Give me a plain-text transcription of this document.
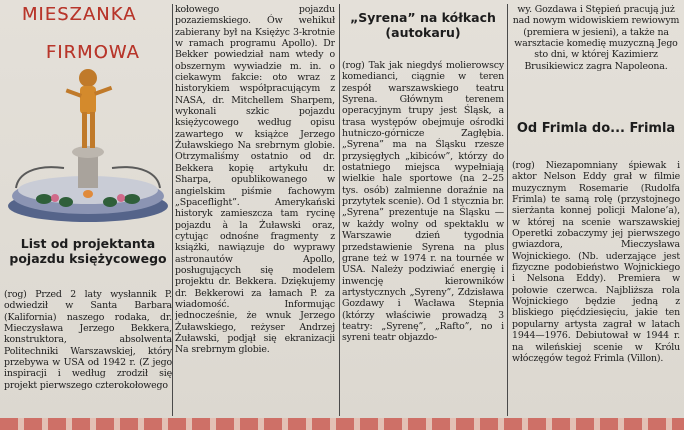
MIESZANKA
FIRMOWA
List od projektanta pojazdu księżycowego
(rog) Przed 2 laty wysłannik P. odwiedził w Santa Barbara (Kalifornia) naszego rodaka, dr. Mieczysława Jerzego Bekkera, konstruktora, absolwenta Politechniki Warszawskiej, który przebywa w USA od 1942 r. (Z jego inspiracji i według zrodził się projekt pierwszego czterokołowego
kołowego pojazdu pozaziemskiego. Ów wehikuł zabierany był na Księżyc 3-krotnie w ramach programu Apollo). Dr Bekker powiedział nam wtedy o obszernym wywiadzie m. in. o ciekawym fakcie: oto wraz z historykiem współpracującym z NASA, dr. Mitchellem Sharpem, wykonali szkic pojazdu księżycowego według opisu zawartego w książce Jerzego Żuławskiego Na srebrnym globie. Otrzymaliśmy ostatnio od dr. Bekkera kopię artykułu dr. Sharpa, opublikowanego w angielskim piśmie fachowym „Spaceflight”. Amerykański historyk zamieszcza tam rycinę pojazdu à la Żuławski oraz, cytując odnośne fragmenty z książki, nawiązuje do wyprawy astronautów Apollo, posługujących się modelem projektu dr. Bekkera. Dziękujemy dr. Bekkerowi za łamach P. za wiadomość. Informując jednocześnie, że wnuk Jerzego Żuławskiego, reżyser Andrzej Żuławski, podjął się ekranizacji Na srebrnym globie.
„Syrena” na kółkach (autokaru)
(rog) Tak jak niegdyś molierowscy komedianci, ciągnie w teren zespół warszawskiego teatru Syrena. Głównym terenem operacyjnym trupy jest Śląsk, a trasa występów obejmuje ośrodki hutniczo-górnicze Zagłębia. „Syrena” ma na Śląsku rzesze przysięgłych „kibiców”, którzy do ostatniego miejsca wypełniają wielkie hale sportowe (na 2–25 tys. osób) zalmienne doraźnie na przytytek scenie). Od 1 stycznia br. „Syrena” prezentuje na Śląsku — w każdy wolny od spektaklu w Warszawie dzień tygodnia przedstawienie Syrena na plus grane też w 1974 r. na tournée w USA. Należy podziwiać energię i inwencję kierowników artystycznych „Syreny”, Zdzisława Gozdawy i Wacława Stepnia (którzy właściwie prowadzą 3 teatry: „Syrenę”, „Rafto”, no i syreni teatr objazdo-
wy. Gozdawa i Stępień pracują już nad nowym widowiskiem rewiowym (premiera w jesieni), a także na warsztacie komedię muzyczną Jego sto dni, w której Kazimierz Brusikiewicz zagra Napoleona.
Od Frimla do... Frimla
(rog) Niezapomniany śpiewak i aktor Nelson Eddy grał w filmie muzycznym Rosemarie (Rudolfa Frimla) te samą rolę (przystojnego sierżanta konnej policji Malone’a), w której na scenie warszawskiej Operetki zobaczymy jej pierwszego gwiazdora, Mieczysława Wojnickiego. (Nb. uderzające jest fizyczne podobieństwo Wojnickiego i Nelsona Eddy). Premiera w połowie czerwca. Najbliższa rola Wojnickiego będzie jedną z bliskiego pięćdziesięciu, jakie ten popularny artysta zagrał w latach 1944—1976. Debiutował w 1944 r. na wileńskiej scenie w Królu włóczęgów tegoż Frimla (Villon).
